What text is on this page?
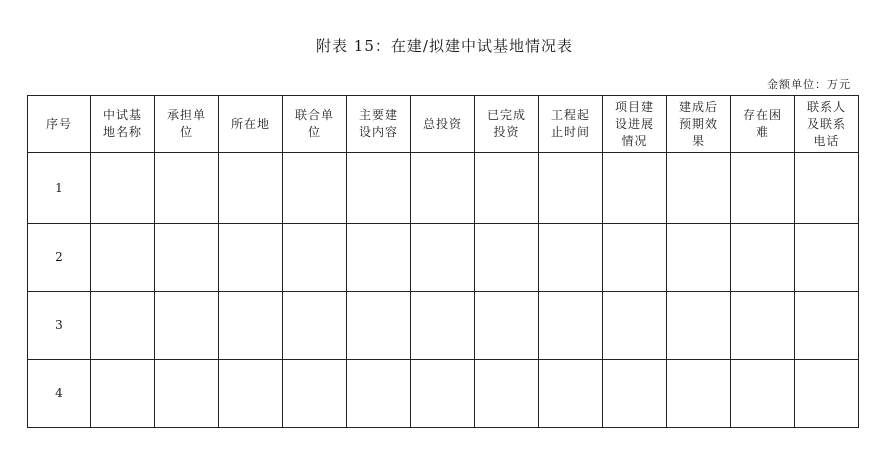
附表 15：在建/拟建中试基地情况表
金额单位：万元
序号	中试基地名称	承担单位	所在地	联合单位	主要建设内容	总投资	已完成投资	工程起止时间	项目建设进展情况	建成后预期效果	存在困难	联系人及联系电话
1												
2												
3												
4												
